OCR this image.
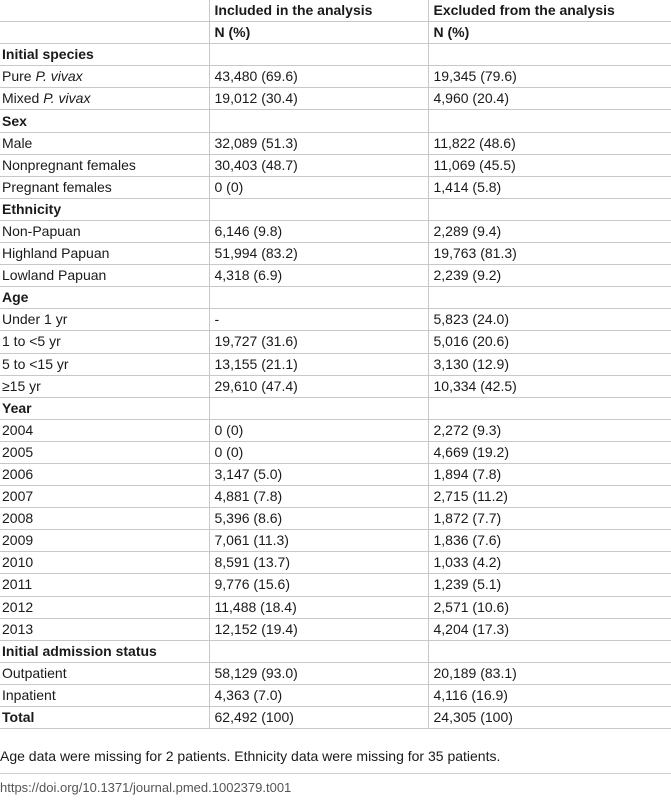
	Included in the analysis	Excluded from the analysis
	N (%)	N (%)
Initial species		
Pure P. vivax	43,480 (69.6)	19,345 (79.6)
Mixed P. vivax	19,012 (30.4)	4,960 (20.4)
Sex		
Male	32,089 (51.3)	11,822 (48.6)
Nonpregnant females	30,403 (48.7)	11,069 (45.5)
Pregnant females	0 (0)	1,414 (5.8)
Ethnicity		
Non-Papuan	6,146 (9.8)	2,289 (9.4)
Highland Papuan	51,994 (83.2)	19,763 (81.3)
Lowland Papuan	4,318 (6.9)	2,239 (9.2)
Age		
Under 1 yr	-	5,823 (24.0)
1 to <5 yr	19,727 (31.6)	5,016 (20.6)
5 to <15 yr	13,155 (21.1)	3,130 (12.9)
≥15 yr	29,610 (47.4)	10,334 (42.5)
Year		
2004	0 (0)	2,272 (9.3)
2005	0 (0)	4,669 (19.2)
2006	3,147 (5.0)	1,894 (7.8)
2007	4,881 (7.8)	2,715 (11.2)
2008	5,396 (8.6)	1,872 (7.7)
2009	7,061 (11.3)	1,836 (7.6)
2010	8,591 (13.7)	1,033 (4.2)
2011	9,776 (15.6)	1,239 (5.1)
2012	11,488 (18.4)	2,571 (10.6)
2013	12,152 (19.4)	4,204 (17.3)
Initial admission status		
Outpatient	58,129 (93.0)	20,189 (83.1)
Inpatient	4,363 (7.0)	4,116 (16.9)
Total	62,492 (100)	24,305 (100)
Age data were missing for 2 patients. Ethnicity data were missing for 35 patients.
https://doi.org/10.1371/journal.pmed.1002379.t001
